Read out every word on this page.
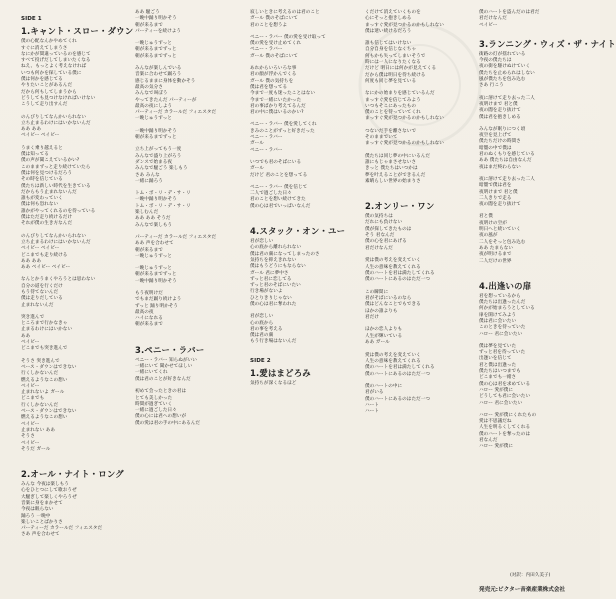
SIDE 1
1.キャント・スロー・ダウン

僕の心配なんかやめてくれ

すぐに消えてしまうさ

なにかが間違っているのを感じて

すべて投げだしてしまいたくなる

ねえ、もっとよく考えなければ

いつも何かを探している僕に

僕は何かを感じてる

やりたいことがあるんだ

だから何もしてしまうから

どうしても見つけなければいけない

こうして走り出すんだ

のんびりしてなんかいられない

立ち止まるわけにはいかないんだ

ああ ああ

ベイビー ベイビー

うまく乗り越えると

僕は知ってる

僕の声が聞こえているかい?

このままずっと走り続けていたら

僕は何を見つけるだろう

その時を信じている

僕たちは新しい時代を生きている

だからもう止まれないんだ

誰もが変わっていく

僕は何も恐れない

誰かがやってくれるのを待っている

僕はただ走り続けるだけ

それが僕の生き方なんだ

のんびりしてなんかいられない

立ち止まるわけにはいかないんだ

ベイビー ベイビー

どこまでも走り続ける

ああ ああ

ああ ベイビー ベイビー

なんとかうまくやろうとは思わない

自分の道を行くだけ

もう待てないんだ

僕は走りだしている

止まれないんだ

突き進んで

ところまで行かなきゃ

止まるわけにはいかない

ああ

ベイビー

どこまでも突き進んで

そうさ 突き進んで

ベース・ダウンはできない

行くしかないんだ

燃えるようなこの想い

ベイビー

止まれないよ ガール

どこまでも

行くしかないんだ

ベース・ダウンはできない

燃えるようなこの想い

ベイビー

止まれない ああ

そうさ

ベイビー

そうだ ガール

2.オール・ナイト・ロング

みんな 今夜は楽しもう

心をひとつにして歌おうぜ

大騒ぎして楽しくやろうぜ

音楽に身をまかせて

今夜は眠らない

踊ろう 一晩中

楽しいことばかりさ

パーティーだ カラールだ フィエスタだ

さあ 声を合わせて

ああ 騒ごう

一晩中踊り明かそう

朝が来るまで

パーティーを続けよう

一晩じゅうずっと

朝が来るまでずっと

朝が来るまでずっと

みんなが楽しんでいる

音楽に合わせて踊ろう

感じるままに身体を動かそう

最高の気分さ

みんなで叫ぼう

やってきたんだ パーティーが

最高の夜にしよう

パーティーだ カラールだ フィエスタだ

一晩じゅうずっと

一晩中踊り明かそう

朝が来るまでずっと

立ち上がってもう一度

みんなで盛り上がろう

ダンスで始まる夜

みんなで騒ごう 楽しもう

さあ みんな

一緒に踊ろう

トム・ボ・リ・デ・サ・リ

一晩中踊り明かそう

トム・ボ・リ・デ・サ・リ

楽しむんだ

ああ ああ そうだ

みんなで楽しもう

パーティーだ カラールだ フィエスタだ

ああ 声を合わせて

朝が来るまで

一晩じゅうずっと

一晩じゅうずっと

朝が来るまでずっと

一晩中踊り明かそう

もう夜明けだ

でもまだ踊り続けよう

ずっと 踊り明かそう

最高の夜

ハイになれる

朝が来るまで

3.ペニー・ラバー

ペニー・ラバー 知らぬがいい

一緒にいて 聞かせてほしい

一緒にいてくれ

僕は君のことが好きなんだ

初めて会ったときの君は

とても美しかった

時間が過ぎていく

一緒に過ごした日々

僕の心には君への想いが

僕の愛は君の手の中にあるんだ

寂しいときに考えるのは君のこと

ガール 僕のそばにいて

君のことを想うよ

ペニー・ラバー 僕の愛を受け取って

僕の愛を受け止めてくれ

ペニー・ラバー

ガール 僕のそばにいて

あれからいろいろな事

君の顔が浮かんでくる

ガール 僕の気持ちを

僕は君を想ってる

今まで一度も迷ったことはない

今まで一緒にいたかった

君の事ばかり考えてるんだ

君の中に僕はいるのかい?

ペニー・ラバー 僕を愛してくれ

きみのことがずっと好きだった

ペニー・ラバー

ガール

ペニー・ラバー

いつでも君のそばにいる

ガール

だけど 君のことを想ってる

ペニー・ラバー 僕を信じて

二人で過ごした日々

君のことを想い続けてきた

僕の心は君でいっぱいなんだ

4.スタック・オン・ユー

君が恋しい

心の底から離れられない

僕は君の虜になってしまったのさ

気持ちを抑えきれない

僕はもうどうにもならない

ガール 君に夢中さ

ずっと君に恋してる

ずっと君のそばにいたい

行き場がないよ

ひとりきりじゃない

僕の心は君に奪われた

君が恋しい

心の底から

君の事を考える

僕は君の虜

もう行き場はないんだ

SIDE 2
1.愛はまどろみ

気持ちが深くなるほど

くだけて消えていくものを

心にそっと抱きしめる

まっすぐ愛が見つかるのかもしれない

僕は迷い続けるだろう

誰も信じてはいけない

自分自身を信じなくちゃ

何もかも失ってしまいそうで

時には一人になりたくなる

だけど 明日には何かが見えてくる

だから僕は明日を待ち続ける

何度も同じ夢を見ている

なにかの始まりを感じているんだ

まっすぐ愛を信じてみよう

いつもそこにあったもの

僕のことを待っていてくれ

まっすぐ愛が見つかるのかもしれない

つないだ手を離さないで

そのままでいて

まっすぐ愛が見つかるのかもしれない

僕たちは同じ夢の中にいるんだ

誰にもじゃまさせないさ

きっと 僕たちはいつかは

夢を叶えることができるんだ

素晴らしい世界の始まりさ

2.オンリー・ワン

僕の気持ちは

だれにも負けない

僕が探してきたものは

そう 君なんだ

僕の心を君にあげる

君だけなんだ

愛は僕の考えを変えていく

人生の意味を教えてくれる

僕のハートを君は満たしてくれる

僕のハートにあるのはただ一つ

この瞬間に

君がそばにいるのなら

僕はどんなことでもできる

ほかの誰よりも

君だけ

ほかの恋人よりも

人生が輝いている

ああ ガール

愛は僕の考えを変えていく

人生の意味を教えてくれる

僕のハートを君は満たしてくれる

僕のハートにあるのはただ一つ

僕のハートの中に

君がいる

僕のハートにあるのはただ一つ

ハート

ハート

僕のハートを盗んだのは君だ

君だけなんだ

ペイビー

3.ランニング・ウィズ・ザ・ナイト

街路の灯が揺れている

今夜の僕たちは

夜の街を駆けぬけていく

僕たちを止められはしない

風が僕たちを包み込む

さあ 行こう

夜に溶けて走り去った二人

夜明けまで 君と僕

夜の闇を走り抜けて

僕は君を抱きしめる

みんなが眠りにつく頃

夜空を見上げて

僕たちだけの時間さ

暗闇の中で僕は

君のぬくもりを感じている

ああ 僕たちは自由なんだ

夜はまだ終わらない

夜に溶けて走り去った二人

暗闇で僕は君を

夜明けまで 君と僕

二人きりで走る

夜の闇を走り抜けて

君と僕

夜明けの空が

明日へと続いていく

夜の風が

二人をそっと包み込む

ああ たまらない

夜が明けるまで

二人だけの世界

4.出逢いの扉

君を想っているから

僕たちは出逢ったんだ

何かが始まろうとしている

扉を開けてみよう

僕は君に会いたい

このときを待っていた

ハロー 君に会いたい

僕は夢を見ていた

ずっと君を待っていた

出逢いを信じて

君と僕は出逢った

僕たちはいつまでも

どこまでも一緒さ

僕の心は君を求めている

ハロー 愛が僕に

どうしても君に会いたい

ハロー 君に会いたい

ハロー 愛が僕にくれたもの

愛は不思議だね

人生を明るくしてくれる

僕のハートを奪ったのは

君なんだ

ハロー 愛が僕に

(対訳：内田久美子)
発売元:ビクター音楽産業株式会社
